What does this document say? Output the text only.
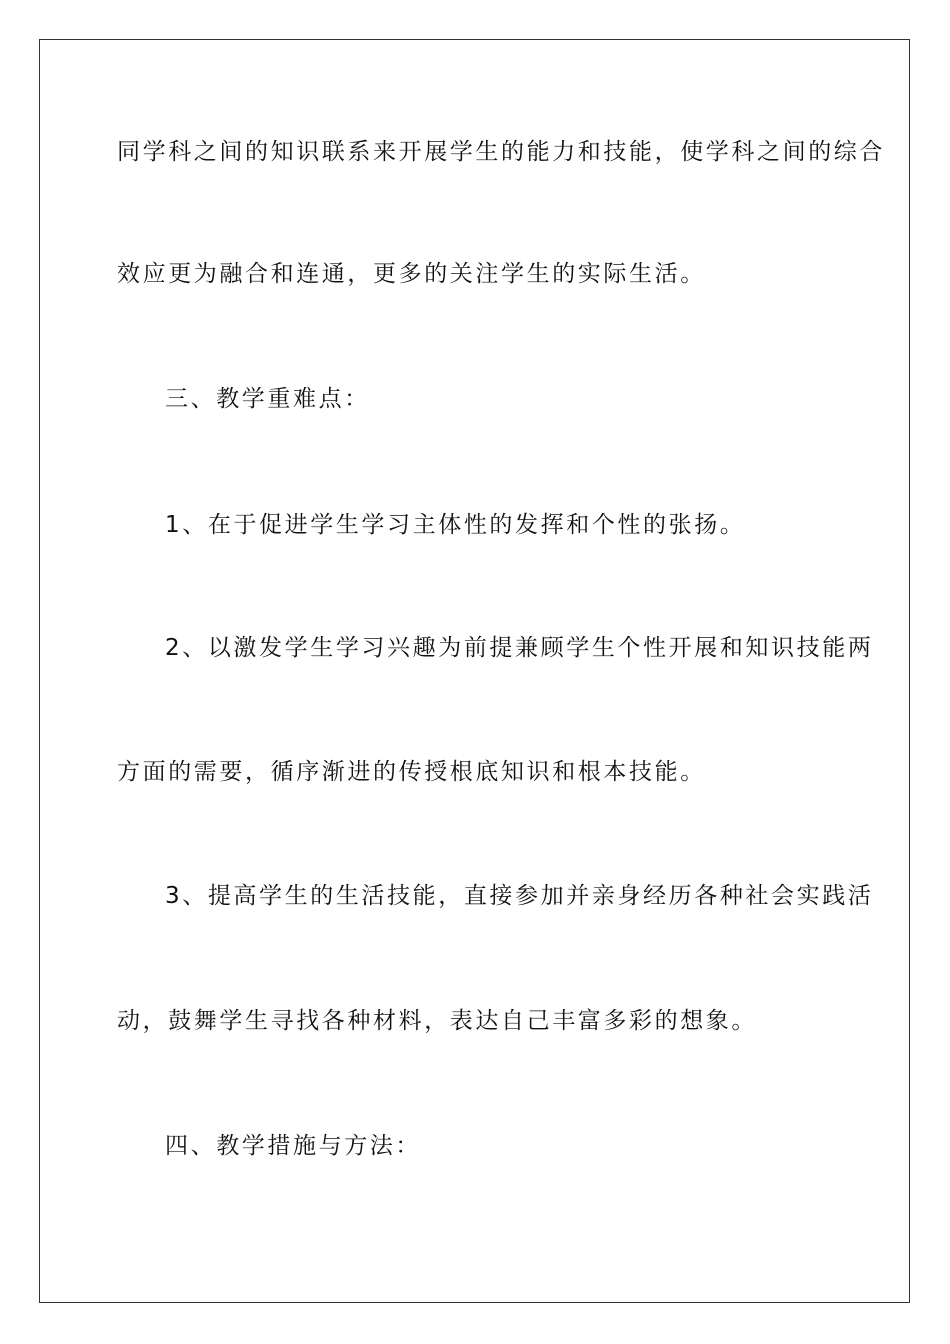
同学科之间的知识联系来开展学生的能力和技能，使学科之间的综合

效应更为融合和连通，更多的关注学生的实际生活。

三、教学重难点：

1、在于促进学生学习主体性的发挥和个性的张扬。

2、以激发学生学习兴趣为前提兼顾学生个性开展和知识技能两

方面的需要，循序渐进的传授根底知识和根本技能。

3、提高学生的生活技能，直接参加并亲身经历各种社会实践活

动，鼓舞学生寻找各种材料，表达自己丰富多彩的想象。

四、教学措施与方法：
